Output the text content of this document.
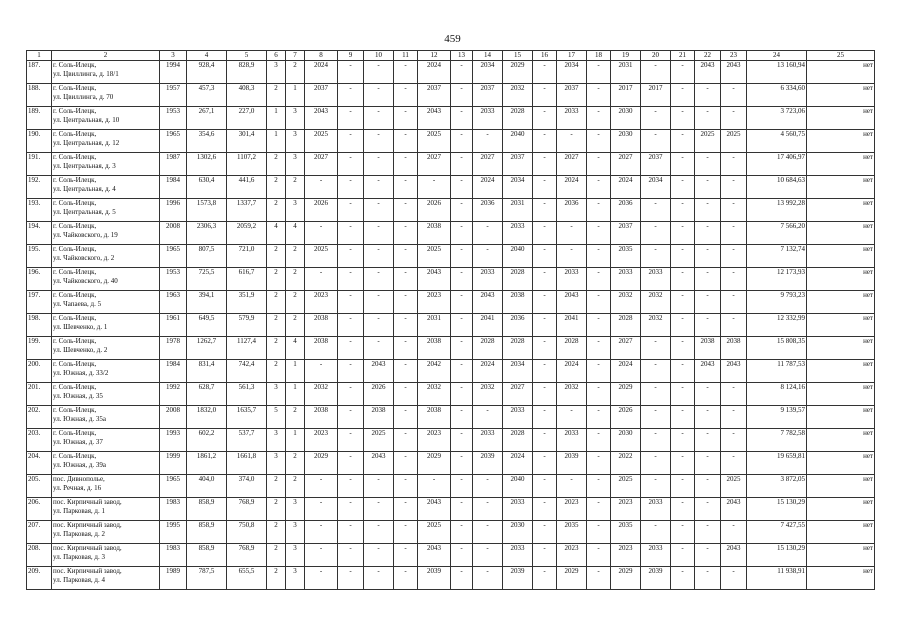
459
1	2	3	4	5	6	7	8	9	10	11	12	13	14	15	16	17	18	19	20	21	22	23	24	25
187.	г. Соль-Илецк,
ул. Цвиллинга, д. 18/1	1994	928,4	828,9	3	2	2024	-	-	-	2024	-	2034	2029	-	2034	-	2031	-	-	2043	2043	13 160,94	нет
188.	г. Соль-Илецк,
ул. Цвиллинга, д. 70	1957	457,3	408,3	2	1	2037	-	-	-	2037	-	2037	2032	-	2037	-	2017	2017	-	-	-	6 334,60	нет
189.	г. Соль-Илецк,
ул. Центральная, д. 10	1953	267,1	227,0	1	3	2043	-	-	-	2043	-	2033	2028	-	2033	-	2030	-	-	-	-	3 723,06	нет
190.	г. Соль-Илецк,
ул. Центральная, д. 12	1965	354,6	301,4	1	3	2025	-	-	-	2025	-	-	2040	-	-	-	2030	-	-	2025	2025	4 560,75	нет
191.	г. Соль-Илецк,
ул. Центральная, д. 3	1987	1302,6	1107,2	2	3	2027	-	-	-	2027	-	2027	2037	-	2027	-	2027	2037	-	-	-	17 406,97	нет
192.	г. Соль-Илецк,
ул. Центральная, д. 4	1984	630,4	441,6	2	2	-	-	-	-	-	-	2024	2034	-	2024	-	2024	2034	-	-	-	10 684,63	нет
193.	г. Соль-Илецк,
ул. Центральная, д. 5	1996	1573,8	1337,7	2	3	2026	-	-	-	2026	-	2036	2031	-	2036	-	2036	-	-	-	-	13 992,28	нет
194.	г. Соль-Илецк,
ул. Чайковского, д. 19	2008	2306,3	2059,2	4	4	-	-	-	-	2038	-	-	2033	-	-	-	2037	-	-	-	-	7 566,20	нет
195.	г. Соль-Илецк,
ул. Чайковского, д. 2	1965	807,5	721,0	2	2	2025	-	-	-	2025	-	-	2040	-	-	-	2035	-	-	-	-	7 132,74	нет
196.	г. Соль-Илецк,
ул. Чайковского, д. 40	1953	725,5	616,7	2	2	-	-	-	-	2043	-	2033	2028	-	2033	-	2033	2033	-	-	-	12 173,93	нет
197.	г. Соль-Илецк,
ул. Чапаева, д. 5	1963	394,1	351,9	2	2	2023	-	-	-	2023	-	2043	2038	-	2043	-	2032	2032	-	-	-	9 793,23	нет
198.	г. Соль-Илецк,
ул. Шевченко, д. 1	1961	649,5	579,9	2	2	2038	-	-	-	2031	-	2041	2036	-	2041	-	2028	2032	-	-	-	12 332,99	нет
199.	г. Соль-Илецк,
ул. Шевченко, д. 2	1978	1262,7	1127,4	2	4	2038	-	-	-	2038	-	2028	2028	-	2028	-	2027	-	-	2038	2038	15 808,35	нет
200.	г. Соль-Илецк,
ул. Южная, д. 33/2	1984	831,4	742,4	2	1	-	-	2043	-	2042	-	2024	2034	-	2024	-	2024	-	-	2043	2043	11 787,53	нет
201.	г. Соль-Илецк,
ул. Южная, д. 35	1992	628,7	561,3	3	1	2032	-	2026	-	2032	-	2032	2027	-	2032	-	2029	-	-	-	-	8 124,16	нет
202.	г. Соль-Илецк,
ул. Южная, д. 35а	2008	1832,0	1635,7	5	2	2038	-	2038	-	2038	-	-	2033	-	-	-	2026	-	-	-	-	9 139,57	нет
203.	г. Соль-Илецк,
ул. Южная, д. 37	1993	602,2	537,7	3	1	2023	-	2025	-	2023	-	2033	2028	-	2033	-	2030	-	-	-	-	7 782,58	нет
204.	г. Соль-Илецк,
ул. Южная, д. 39а	1999	1861,2	1661,8	3	2	2029	-	2043	-	2029	-	2039	2024	-	2039	-	2022	-	-	-	-	19 659,81	нет
205.	пос. Дивнополье,
ул. Речная, д. 16	1965	404,0	374,0	2	2	-	-	-	-	-	-	-	2040	-	-	-	2025	-	-	-	2025	3 872,05	нет
206.	пос. Кирпичный завод,
ул. Парковая, д. 1	1983	858,9	768,9	2	3	-	-	-	-	2043	-	-	2033	-	2023	-	2023	2033	-	-	2043	15 130,29	нет
207.	пос. Кирпичный завод,
ул. Парковая, д. 2	1995	858,9	750,8	2	3	-	-	-	-	2025	-	-	2030	-	2035	-	2035	-	-	-	-	7 427,55	нет
208.	пос. Кирпичный завод,
ул. Парковая, д. 3	1983	858,9	768,9	2	3	-	-	-	-	2043	-	-	2033	-	2023	-	2023	2033	-	-	2043	15 130,29	нет
209.	пос. Кирпичный завод,
ул. Парковая, д. 4	1989	787,5	655,5	2	3	-	-	-	-	2039	-	-	2039	-	2029	-	2029	2039	-	-	-	11 938,91	нет
